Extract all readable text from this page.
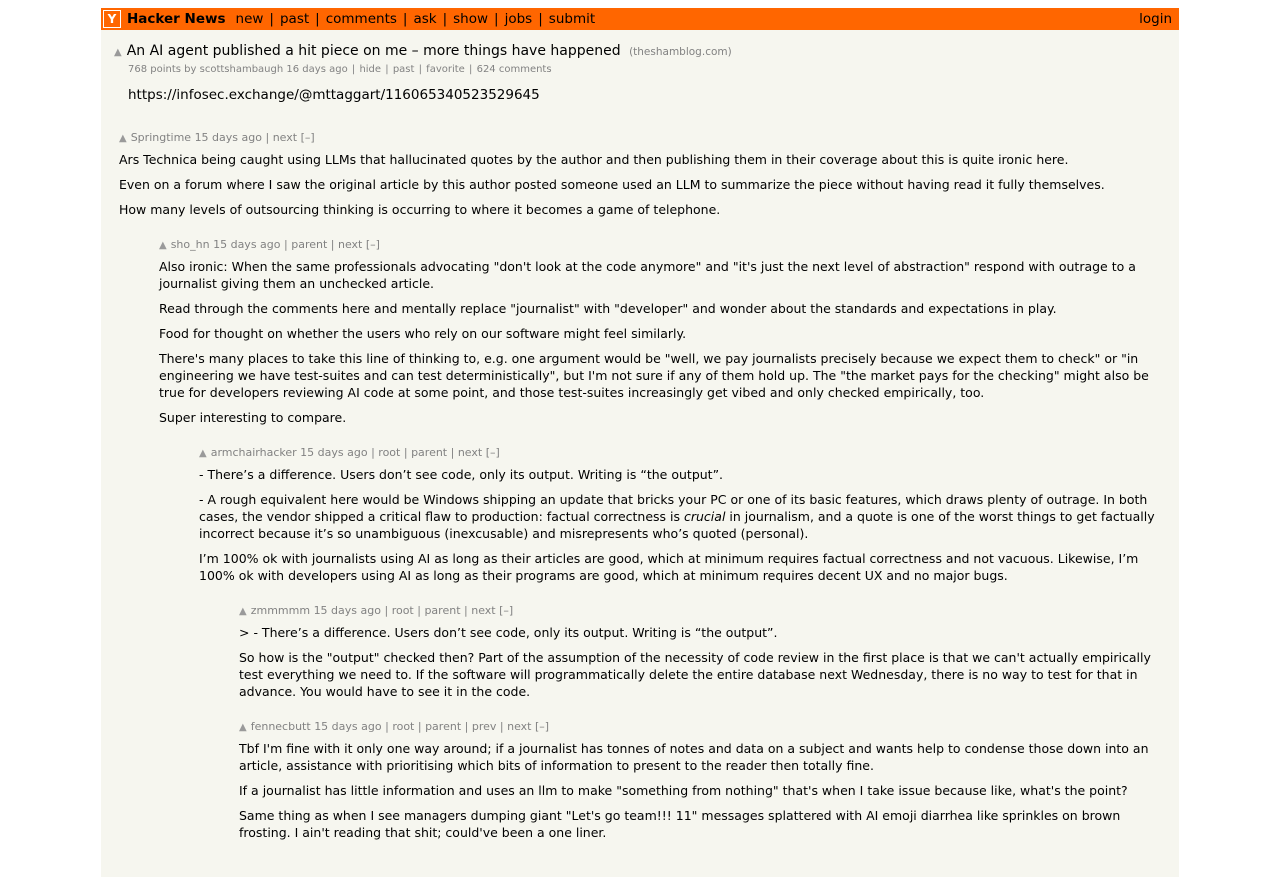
Y Hacker News new | past | comments | ask | show | jobs | submit	login
▲ An AI agent published a hit piece on me – more things have happened (theshamblog.com)
768 points by scottshambaugh 16 days ago | hide | past | favorite | 624 comments
https://infosec.exchange/@mttaggart/116065340523529645
▲ Springtime 15 days ago | next [–]

Ars Technica being caught using LLMs that hallucinated quotes by the author and then publishing them in their coverage about this is quite ironic here.

Even on a forum where I saw the original article by this author posted someone used an LLM to summarize the piece without having read it fully themselves.

How many levels of outsourcing thinking is occurring to where it becomes a game of telephone.

▲ sho_hn 15 days ago | parent | next [–]

Also ironic: When the same professionals advocating "don't look at the code anymore" and "it's just the next level of abstraction" respond with outrage to a journalist giving them an unchecked article.

Read through the comments here and mentally replace "journalist" with "developer" and wonder about the standards and expectations in play.

Food for thought on whether the users who rely on our software might feel similarly.

There's many places to take this line of thinking to, e.g. one argument would be "well, we pay journalists precisely because we expect them to check" or "in engineering we have test-suites and can test deterministically", but I'm not sure if any of them hold up. The "the market pays for the checking" might also be true for developers reviewing AI code at some point, and those test-suites increasingly get vibed and only checked empirically, too.

Super interesting to compare.

▲ armchairhacker 15 days ago | root | parent | next [–]

- There’s a difference. Users don’t see code, only its output. Writing is “the output”.

- A rough equivalent here would be Windows shipping an update that bricks your PC or one of its basic features, which draws plenty of outrage. In both cases, the vendor shipped a critical flaw to production: factual correctness is crucial in journalism, and a quote is one of the worst things to get factually incorrect because it’s so unambiguous (inexcusable) and misrepresents who’s quoted (personal).

I’m 100% ok with journalists using AI as long as their articles are good, which at minimum requires factual correctness and not vacuous. Likewise, I’m 100% ok with developers using AI as long as their programs are good, which at minimum requires decent UX and no major bugs.

▲ zmmmmm 15 days ago | root | parent | next [–]

> - There’s a difference. Users don’t see code, only its output. Writing is “the output”.

So how is the "output" checked then? Part of the assumption of the necessity of code review in the first place is that we can't actually empirically test everything we need to. If the software will programmatically delete the entire database next Wednesday, there is no way to test for that in advance. You would have to see it in the code.

▲ fennecbutt 15 days ago | root | parent | prev | next [–]

Tbf I'm fine with it only one way around; if a journalist has tonnes of notes and data on a subject and wants help to condense those down into an article, assistance with prioritising which bits of information to present to the reader then totally fine.

If a journalist has little information and uses an llm to make "something from nothing" that's when I take issue because like, what's the point?

Same thing as when I see managers dumping giant "Let's go team!!! 11" messages splattered with AI emoji diarrhea like sprinkles on brown frosting. I ain't reading that shit; could've been a one liner.
